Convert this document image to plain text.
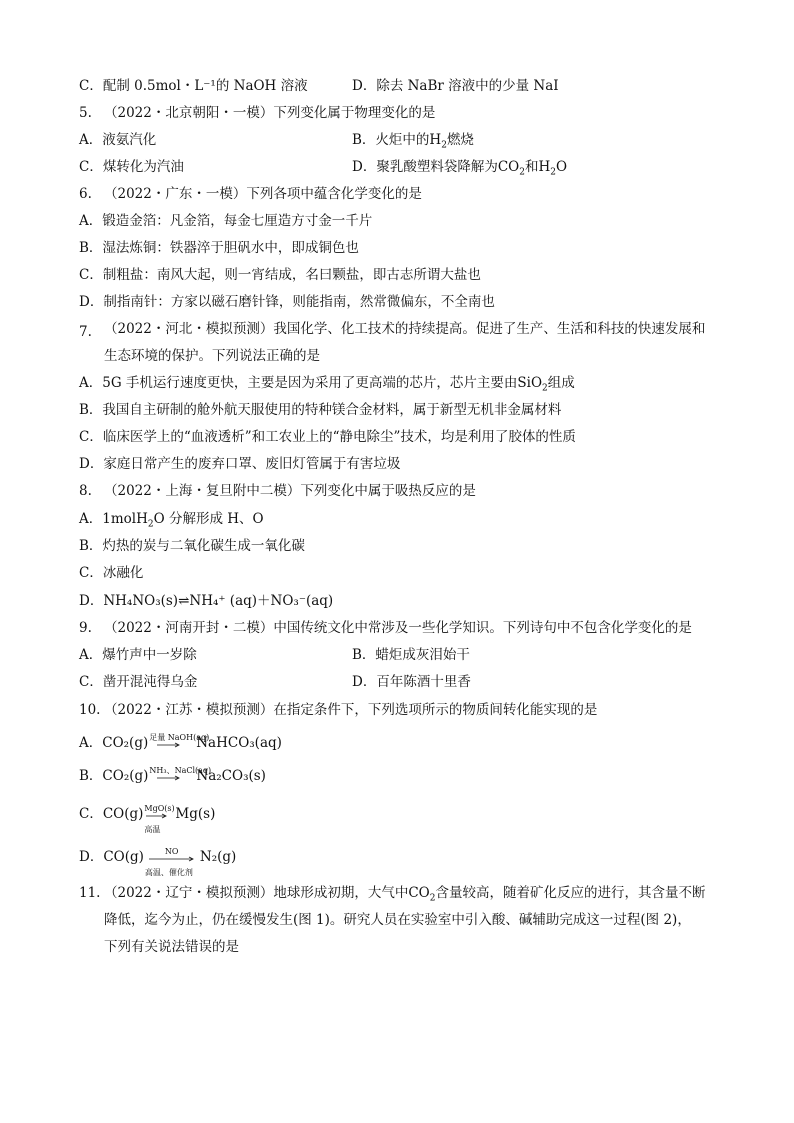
C．配制 0.5mol・L⁻¹的 NaOH 溶液	D．除去 NaBr 溶液中的少量 NaI
5. （2022・北京朝阳・一模）下列变化属于物理变化的是
A．液氨汽化	B．火炬中的$H_2$燃烧
C．煤转化为汽油	D．聚乳酸塑料袋降解为$CO_2$和$H_2O$
6. （2022・广东・一模）下列各项中蕴含化学变化的是
A．锻造金箔：凡金箔，每金七厘造方寸金一千片
B．湿法炼铜：铁器淬于胆矾水中，即成铜色也
C．制粗盐：南风大起，则一宵结成，名曰颗盐，即古志所谓大盐也
D．制指南针：方家以磁石磨针锋，则能指南，然常微偏东，不全南也
7. （2022・河北・模拟预测）我国化学、化工技术的持续提高。促进了生产、生活和科技的快速发展和
生态环境的保护。下列说法正确的是
A．5G 手机运行速度更快，主要是因为采用了更高端的芯片，芯片主要由SiO$_2$组成
B．我国自主研制的舱外航天服使用的特种镁合金材料，属于新型无机非金属材料
C．临床医学上的“血液透析”和工农业上的“静电除尘”技术，均是利用了胶体的性质
D．家庭日常产生的废弃口罩、废旧灯管属于有害垃圾
8. （2022・上海・复旦附中二模）下列变化中属于吸热反应的是
A．1molH$_2$O 分解形成 H、O
B．灼热的炭与二氧化碳生成一氧化碳
C．冰融化
D．NH₄NO₃(s)⇌NH₄⁺ (aq)＋NO₃⁻(aq)
9. （2022・河南开封・二模）中国传统文化中常涉及一些化学知识。下列诗句中不包含化学变化的是
A．爆竹声中一岁除	B．蜡炬成灰泪始干
C．凿开混沌得乌金	D．百年陈酒十里香
10. （2022・江苏・模拟预测）在指定条件下，下列选项所示的物质间转化能实现的是
A．CO₂(g) 足量 NaOH(aq)
NaHCO₃(aq)
B．CO₂(g) NH₃、NaCl(aq)
Na₂CO₃(s)
C．CO(g) MgO(s)
高温
Mg(s)
D．CO(g)	NO
高温、催化剂
N₂(g)
11. （2022・辽宁・模拟预测）地球形成初期，大气中$CO_2$含量较高，随着矿化反应的进行，其含量不断
降低，迄今为止，仍在缓慢发生(图 1)。研究人员在实验室中引入酸、碱辅助完成这一过程(图 2)，
下列有关说法错误的是
